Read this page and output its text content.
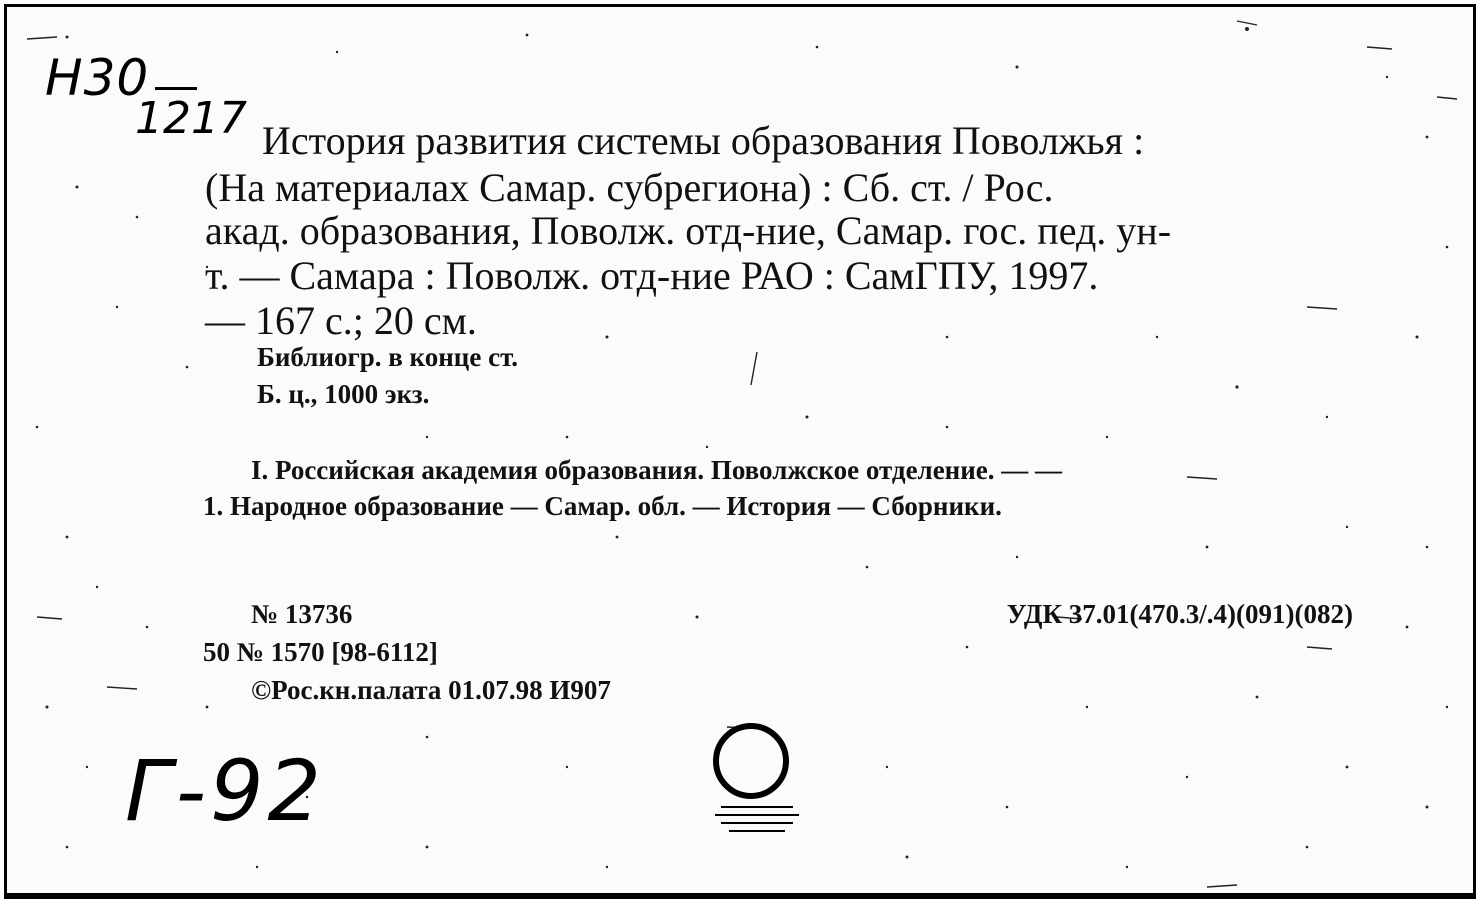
H30
1217 История развития системы образования Поволжья :
(На материалах Самар. субрегиона) : Сб. ст. / Рос.
акад. образования, Поволж. отд-ние, Самар. гос. пед. ун-
т. — Самара : Поволж. отд-ние РАО : СамГПУ, 1997.
— 167 с.; 20 см.
Библиогр. в конце ст.
Б. ц., 1000 экз.
I. Российская академия образования. Поволжское отделение. — —
1. Народное образование — Самар. обл. — История — Сборники.
№ 13736
50 № 1570 [98-6112]
©Рос.кн.палата 01.07.98 И907
УДК 37.01(470.3/.4)(091)(082)
Г-92
